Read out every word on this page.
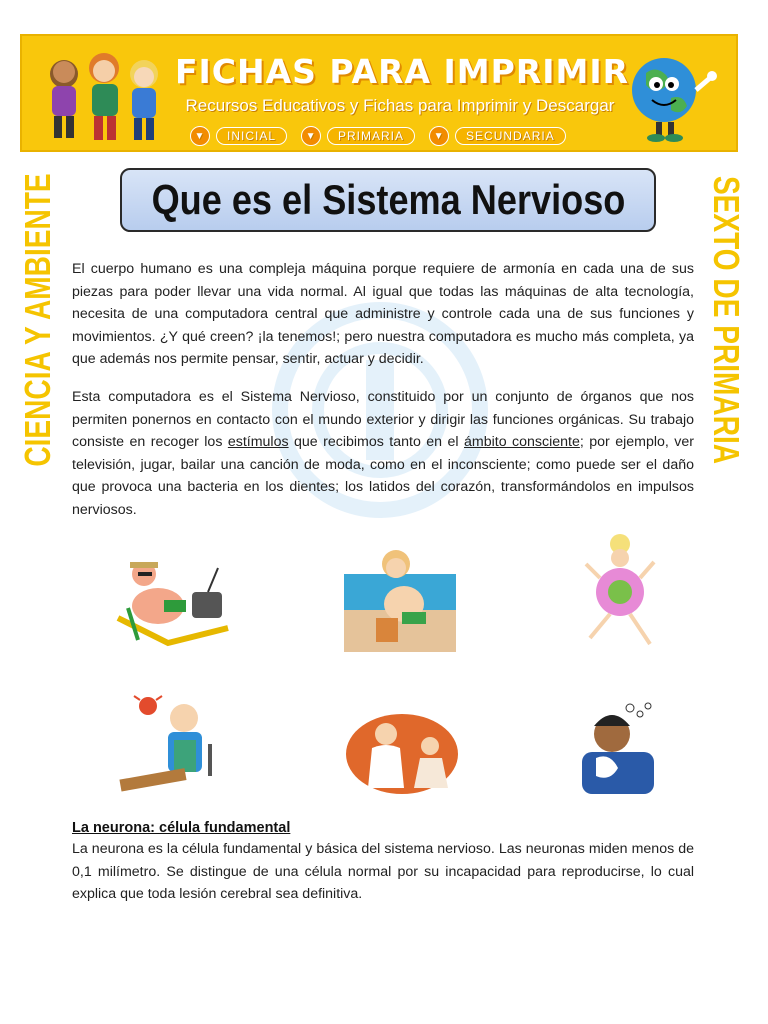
FICHAS PARA IMPRIMIR
Recursos Educativos y Fichas para Imprimir y Descargar
▼	INICIAL	▼	PRIMARIA	▼	SECUNDARIA
CIENCIA Y AMBIENTE	SEXTO DE PRIMARIA
Que es el Sistema Nervioso
El cuerpo humano es una compleja máquina porque requiere de armonía en cada una de sus piezas para poder llevar una vida normal. Al igual que todas las máquinas de alta tecnología, necesita de una computadora central que administre y controle cada una de sus funciones y movimientos. ¿Y qué creen? ¡la tenemos!; pero nuestra computadora es mucho más completa, ya que además nos permite pensar, sentir, actuar y decidir.
Esta computadora es el Sistema Nervioso, constituido por un conjunto de órganos que nos permiten ponernos en contacto con el mundo exterior y dirigir las funciones orgánicas. Su trabajo consiste en recoger los estímulos que recibimos tanto en el ámbito consciente; por ejemplo, ver televisión, jugar, bailar una canción de moda, como en el inconsciente; como puede ser el daño que provoca una bacteria en los dientes; los latidos del corazón, transformándolos en impulsos nerviosos.
La neurona: célula fundamental
La neurona es la célula fundamental y básica del sistema nervioso. Las neuronas miden menos de 0,1 milímetro. Se distingue de una célula normal por su incapacidad para reproducirse, lo cual explica que toda lesión cerebral sea definitiva.
